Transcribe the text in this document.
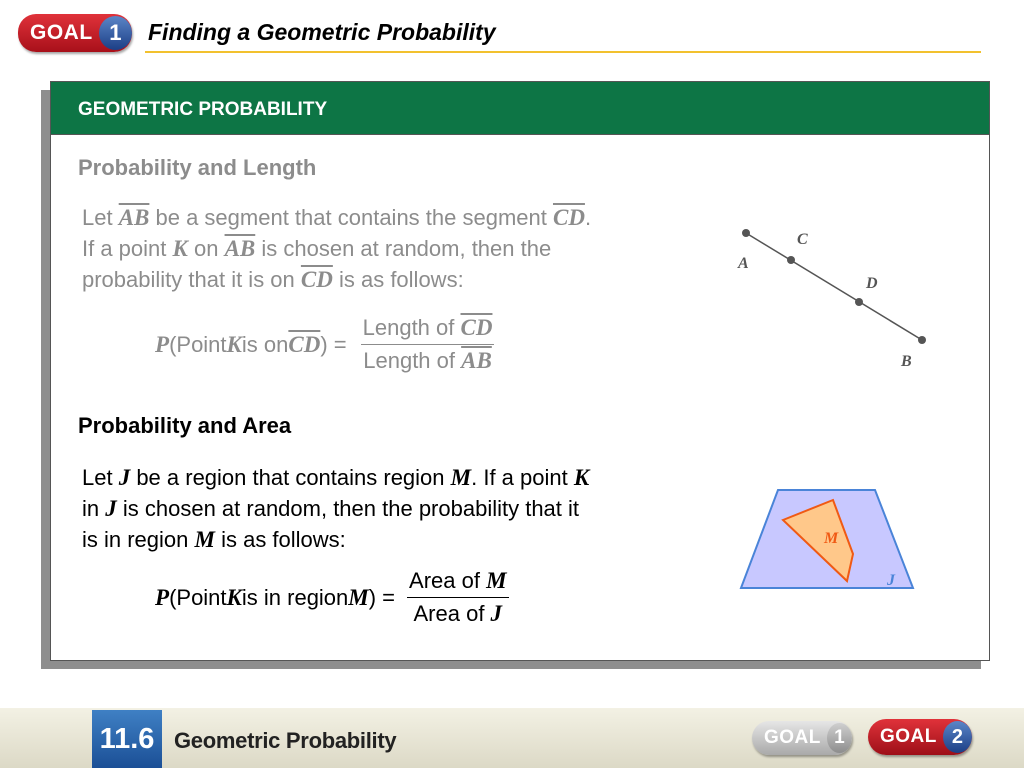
GOAL 1	Finding a Geometric Probability
GEOMETRIC PROBABILITY
Probability and Length
Let $\overline{AB}$ be a segment that contains the segment $\overline{CD}$.
If a point K on $\overline{AB}$ is chosen at random, then the
probability that it is on $\overline{CD}$ is as follows:
P (Point K is on $\overline{CD}$ ) = $\frac{Length of \overline{CD}}{Length of \overline{AB}}$
A
C
D
B
Probability and Area
Let J be a region that contains region M. If a point K
in J is chosen at random, then the probability that it
is in region M is as follows:
P (Point K is in region M ) = $\frac{\text{Area of M}}{\text{Area of J}}$
M
J
11.6 Geometric Probability	GOAL 1	GOAL 2
